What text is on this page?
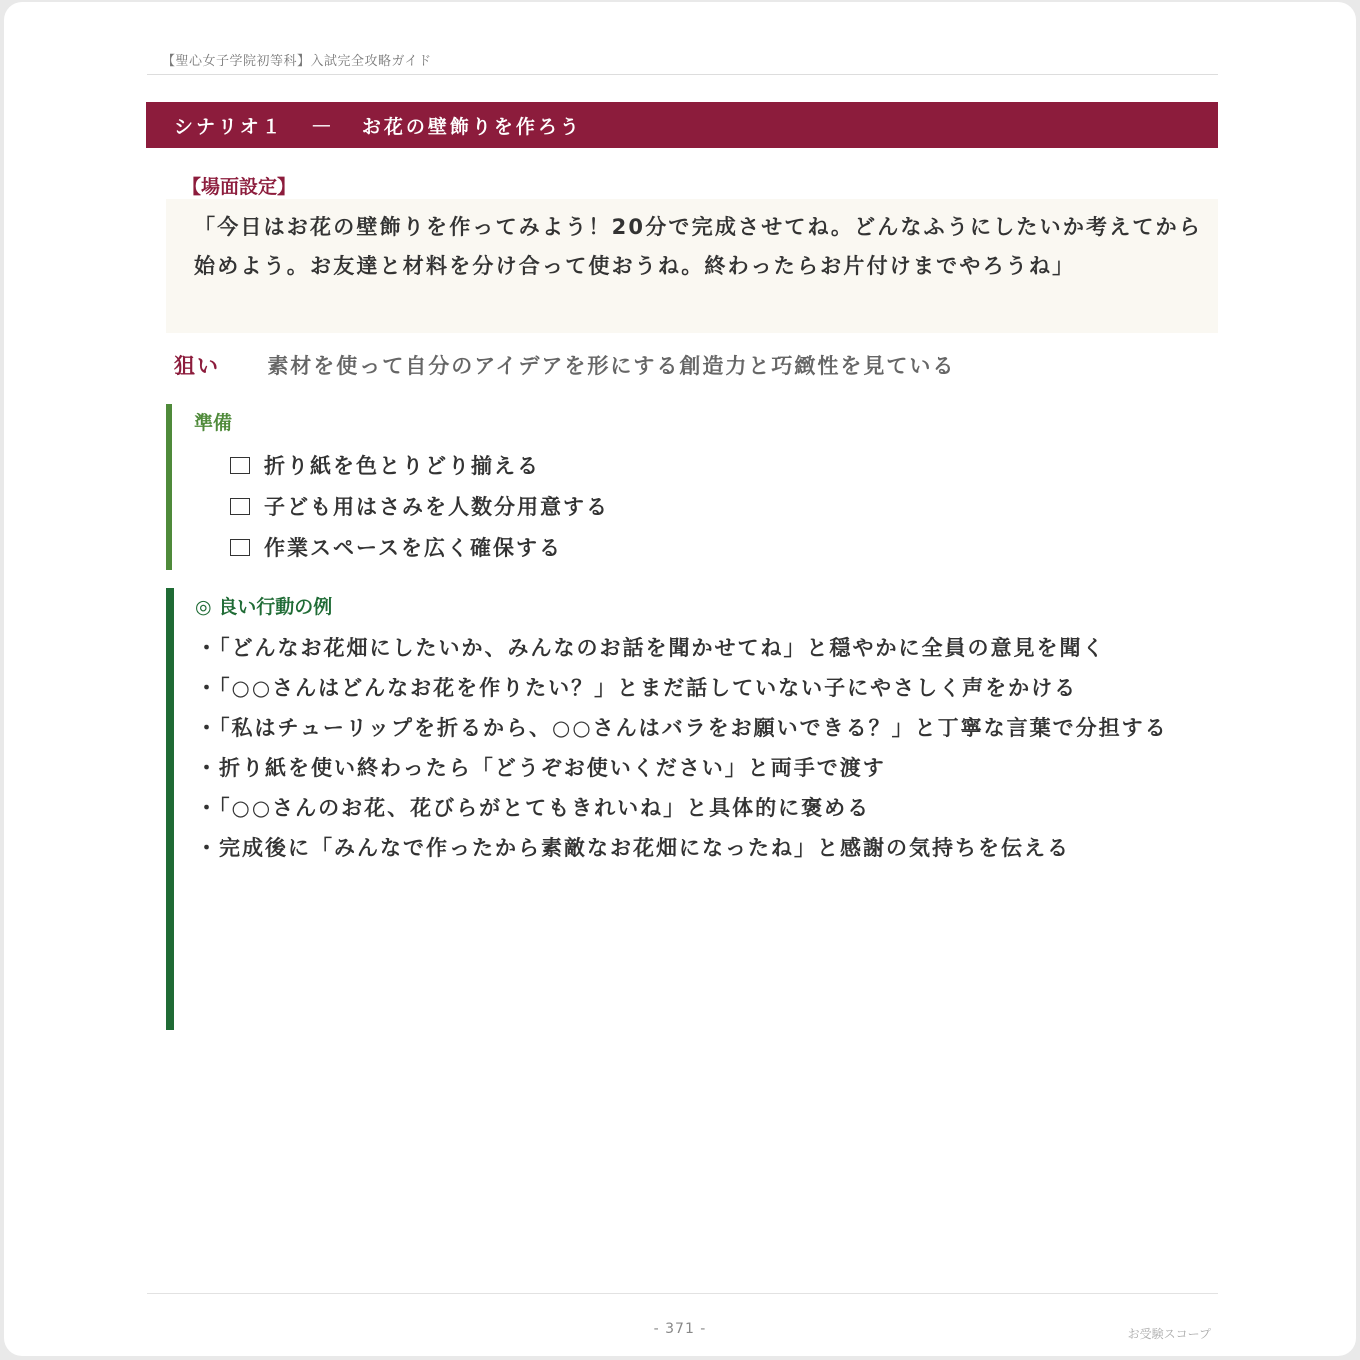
【聖心女子学院初等科】入試完全攻略ガイド
シナリオ１ — お花の壁飾りを作ろう
【場面設定】
「今日はお花の壁飾りを作ってみよう！20分で完成させてね。どんなふうにしたいか考えてから始めよう。お友達と材料を分け合って使おうね。終わったらお片付けまでやろうね」
狙い 素材を使って自分のアイデアを形にする創造力と巧緻性を見ている
準備
折り紙を色とりどり揃える
子ども用はさみを人数分用意する
作業スペースを広く確保する
◎ 良い行動の例

・「どんなお花畑にしたいか、みんなのお話を聞かせてね」と穏やかに全員の意見を聞く

・「○○さんはどんなお花を作りたい？」とまだ話していない子にやさしく声をかける

・「私はチューリップを折るから、○○さんはバラをお願いできる？」と丁寧な言葉で分担する

・折り紙を使い終わったら「どうぞお使いください」と両手で渡す

・「○○さんのお花、花びらがとてもきれいね」と具体的に褒める

・完成後に「みんなで作ったから素敵なお花畑になったね」と感謝の気持ちを伝える

- 371 -	お受験スコープ
